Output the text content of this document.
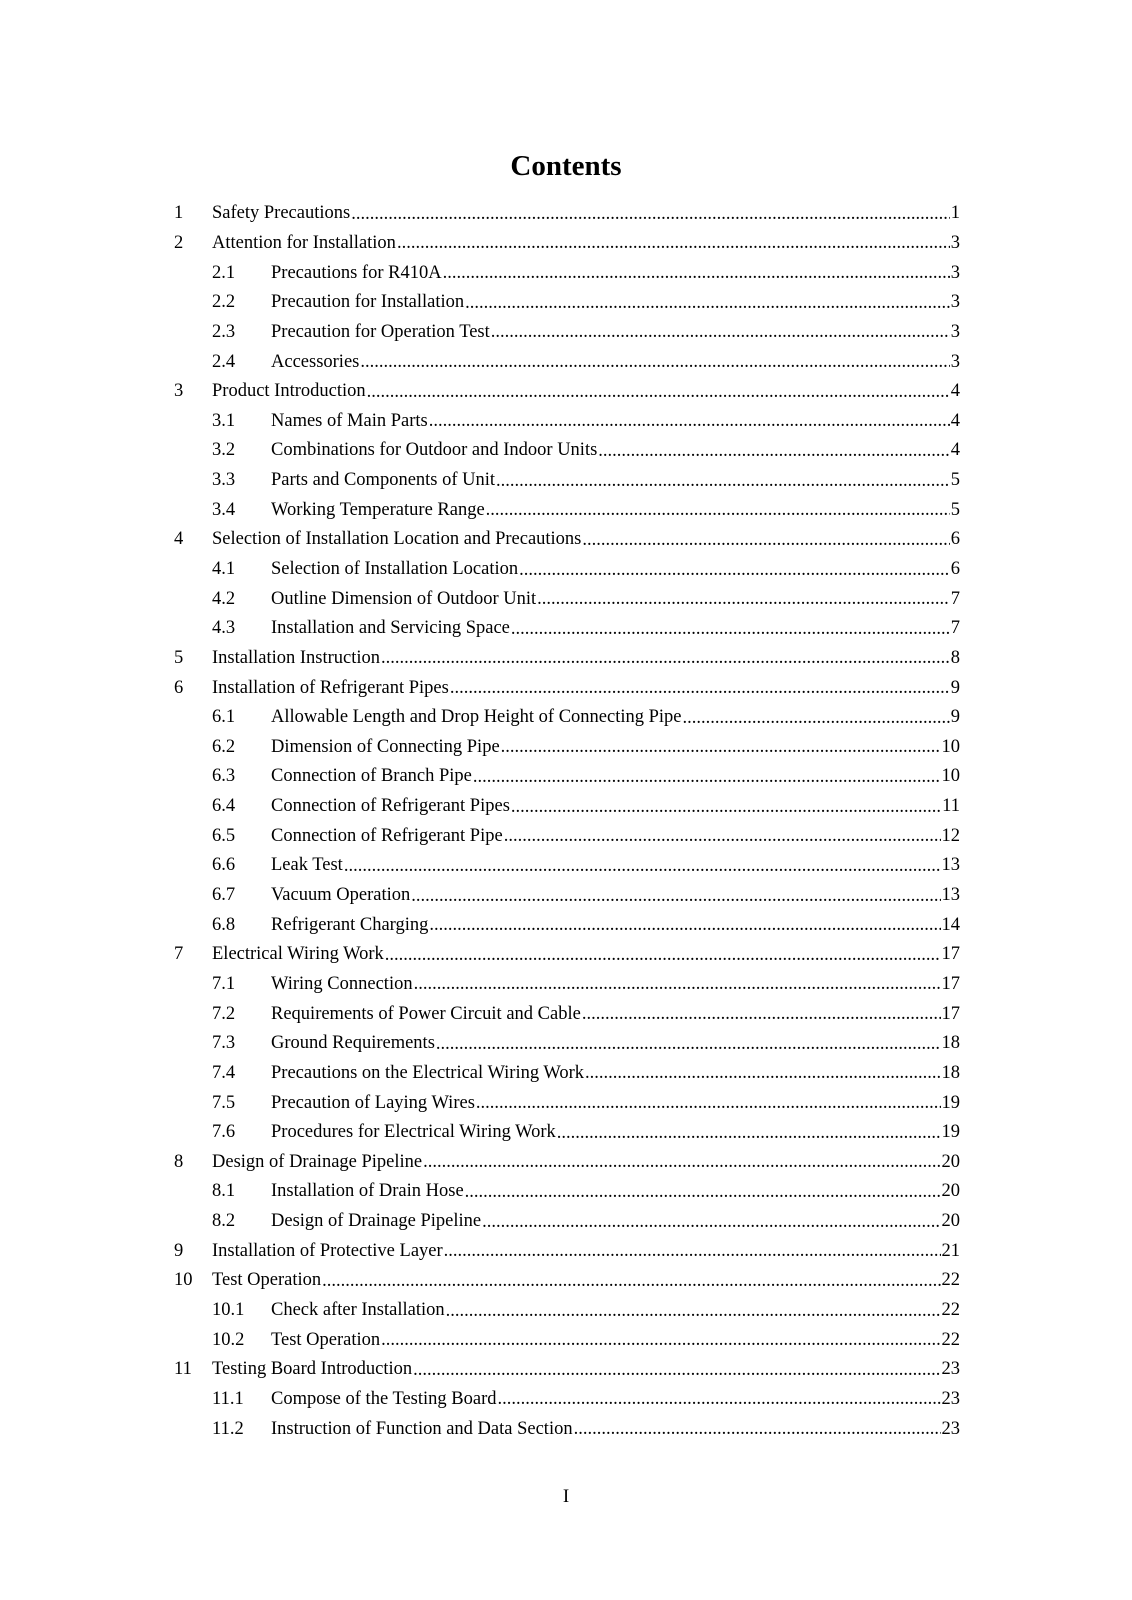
Contents
1	Safety Precautions .....	1
2	Attention for Installation .....	3
2.1	Precautions for R410A .....	3
2.2	Precaution for Installation .....	3
2.3	Precaution for Operation Test .....	3
2.4	Accessories .....	3
3	Product Introduction .....	4
3.1	Names of Main Parts .....	4
3.2	Combinations for Outdoor and Indoor Units .....	4
3.3	Parts and Components of Unit .....	5
3.4	Working Temperature Range .....	5
4	Selection of Installation Location and Precautions .....	6
4.1	Selection of Installation Location .....	6
4.2	Outline Dimension of Outdoor Unit .....	7
4.3	Installation and Servicing Space .....	7
5	Installation Instruction .....	8
6	Installation of Refrigerant Pipes .....	9
6.1	Allowable Length and Drop Height of Connecting Pipe .....	9
6.2	Dimension of Connecting Pipe .....	10
6.3	Connection of Branch Pipe .....	10
6.4	Connection of Refrigerant Pipes .....	11
6.5	Connection of Refrigerant Pipe .....	12
6.6	Leak Test .....	13
6.7	Vacuum Operation .....	13
6.8	Refrigerant Charging .....	14
7	Electrical Wiring Work .....	17
7.1	Wiring Connection .....	17
7.2	Requirements of Power Circuit and Cable .....	17
7.3	Ground Requirements .....	18
7.4	Precautions on the Electrical Wiring Work .....	18
7.5	Precaution of Laying Wires .....	19
7.6	Procedures for Electrical Wiring Work .....	19
8	Design of Drainage Pipeline .....	20
8.1	Installation of Drain Hose .....	20
8.2	Design of Drainage Pipeline .....	20
9	Installation of Protective Layer .....	21
10	Test Operation .....	22
10.1	Check after Installation .....	22
10.2	Test Operation .....	22
11	Testing Board Introduction .....	23
11.1	Compose of the Testing Board .....	23
11.2	Instruction of Function and Data Section .....	23
I
